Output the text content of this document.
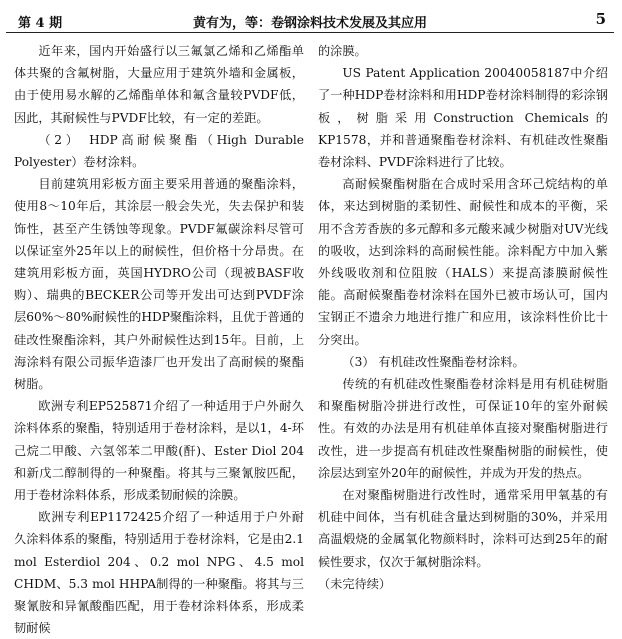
第 4 期	黄有为，等：卷钢涂料技术发展及其应用	5

近年来，国内开始盛行以三氟氯乙烯和乙烯酯单体共聚的含氟树脂，大量应用于建筑外墙和金属板，由于使用易水解的乙烯酯单体和氟含量较PVDF低，因此，其耐候性与PVDF比较，有一定的差距。

（2） HDP高耐候聚酯（High Durable Polyester）卷材涂料。

目前建筑用彩板方面主要采用普通的聚酯涂料，使用8～10年后，其涂层一般会失光，失去保护和装饰性，甚至产生锈蚀等现象。PVDF氟碳涂料尽管可以保证室外25年以上的耐候性，但价格十分昂贵。在建筑用彩板方面，英国HYDRO公司（现被BASF收购）、瑞典的BECKER公司等开发出可达到PVDF涂层60%～80%耐候性的HDP聚酯涂料，且优于普通的硅改性聚酯涂料，其户外耐候性达到15年。目前，上海涂料有限公司振华造漆厂也开发出了高耐候的聚酯树脂。

欧洲专利EP525871介绍了一种适用于户外耐久涂料体系的聚酯，特别适用于卷材涂料，是以1，4-环己烷二甲酸、六氢邻苯二甲酸(酐)、Ester Diol 204和新戊二醇制得的一种聚酯。将其与三聚氰胺匹配，用于卷材涂料体系，形成柔韧耐候的涂膜。

欧洲专利EP1172425介绍了一种适用于户外耐久涂料体系的聚酯，特别适用于卷材涂料，它是由2.1 mol Esterdiol 204、0.2 mol NPG、4.5 mol CHDM、5.3 mol HHPA制得的一种聚酯。将其与三聚氰胺和异氰酸酯匹配，用于卷材涂料体系，形成柔韧耐候

的涂膜。

US Patent Application 20040058187中介绍了一种HDP卷材涂料和用HDP卷材涂料制得的彩涂钢板，树脂采用Construction Chemicals的KP1578，并和普通聚酯卷材涂料、有机硅改性聚酯卷材涂料、PVDF涂料进行了比较。

高耐候聚酯树脂在合成时采用含环己烷结构的单体，来达到树脂的柔韧性、耐候性和成本的平衡，采用不含芳香族的多元醇和多元酸来减少树脂对UV光线的吸收，达到涂料的高耐候性能。涂料配方中加入紫外线吸收剂和位阻胺（HALS）来提高漆膜耐候性能。高耐候聚酯卷材涂料在国外已被市场认可，国内宝钢正不遗余力地进行推广和应用，该涂料性价比十分突出。

（3） 有机硅改性聚酯卷材涂料。

传统的有机硅改性聚酯卷材涂料是用有机硅树脂和聚酯树脂冷拼进行改性，可保证10年的室外耐候性。有效的办法是用有机硅单体直接对聚酯树脂进行改性，进一步提高有机硅改性聚酯树脂的耐候性，使涂层达到室外20年的耐候性，并成为开发的热点。

在对聚酯树脂进行改性时，通常采用甲氧基的有机硅中间体，当有机硅含量达到树脂的30%，并采用高温煅烧的金属氧化物颜料时，涂料可达到25年的耐候性要求，仅次于氟树脂涂料。

（未完待续）
